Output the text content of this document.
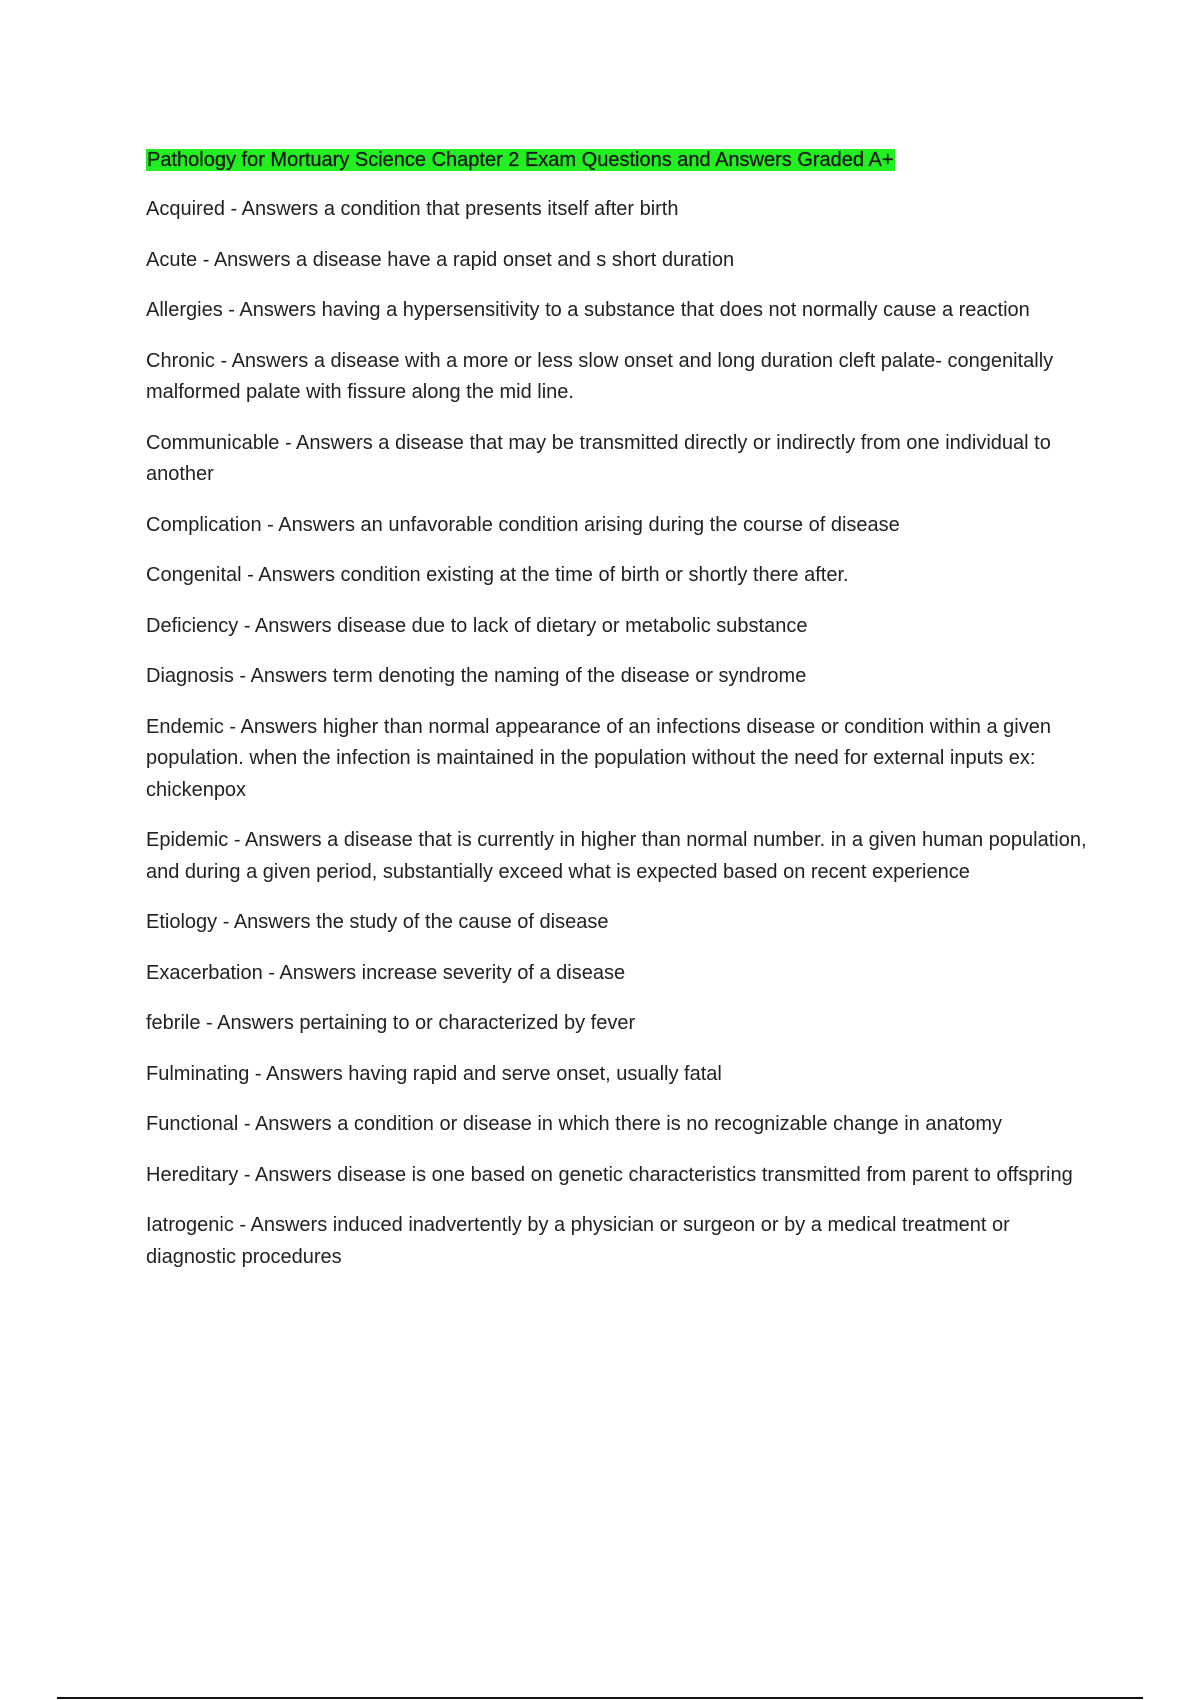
Pathology for Mortuary Science Chapter 2 Exam Questions and Answers Graded A+

Acquired - Answers a condition that presents itself after birth

Acute - Answers a disease have a rapid onset and s short duration

Allergies - Answers having a hypersensitivity to a substance that does not normally cause a reaction

Chronic - Answers a disease with a more or less slow onset and long duration cleft palate- congenitally malformed palate with fissure along the mid line.

Communicable - Answers a disease that may be transmitted directly or indirectly from one individual to another

Complication - Answers an unfavorable condition arising during the course of disease

Congenital - Answers condition existing at the time of birth or shortly there after.

Deficiency - Answers disease due to lack of dietary or metabolic substance

Diagnosis - Answers term denoting the naming of the disease or syndrome

Endemic - Answers higher than normal appearance of an infections disease or condition within a given population. when the infection is maintained in the population without the need for external inputs ex: chickenpox

Epidemic - Answers a disease that is currently in higher than normal number. in a given human population, and during a given period, substantially exceed what is expected based on recent experience

Etiology - Answers the study of the cause of disease

Exacerbation - Answers increase severity of a disease

febrile - Answers pertaining to or characterized by fever

Fulminating - Answers having rapid and serve onset, usually fatal

Functional - Answers a condition or disease in which there is no recognizable change in anatomy

Hereditary - Answers disease is one based on genetic characteristics transmitted from parent to offspring

Iatrogenic - Answers induced inadvertently by a physician or surgeon or by a medical treatment or diagnostic procedures
